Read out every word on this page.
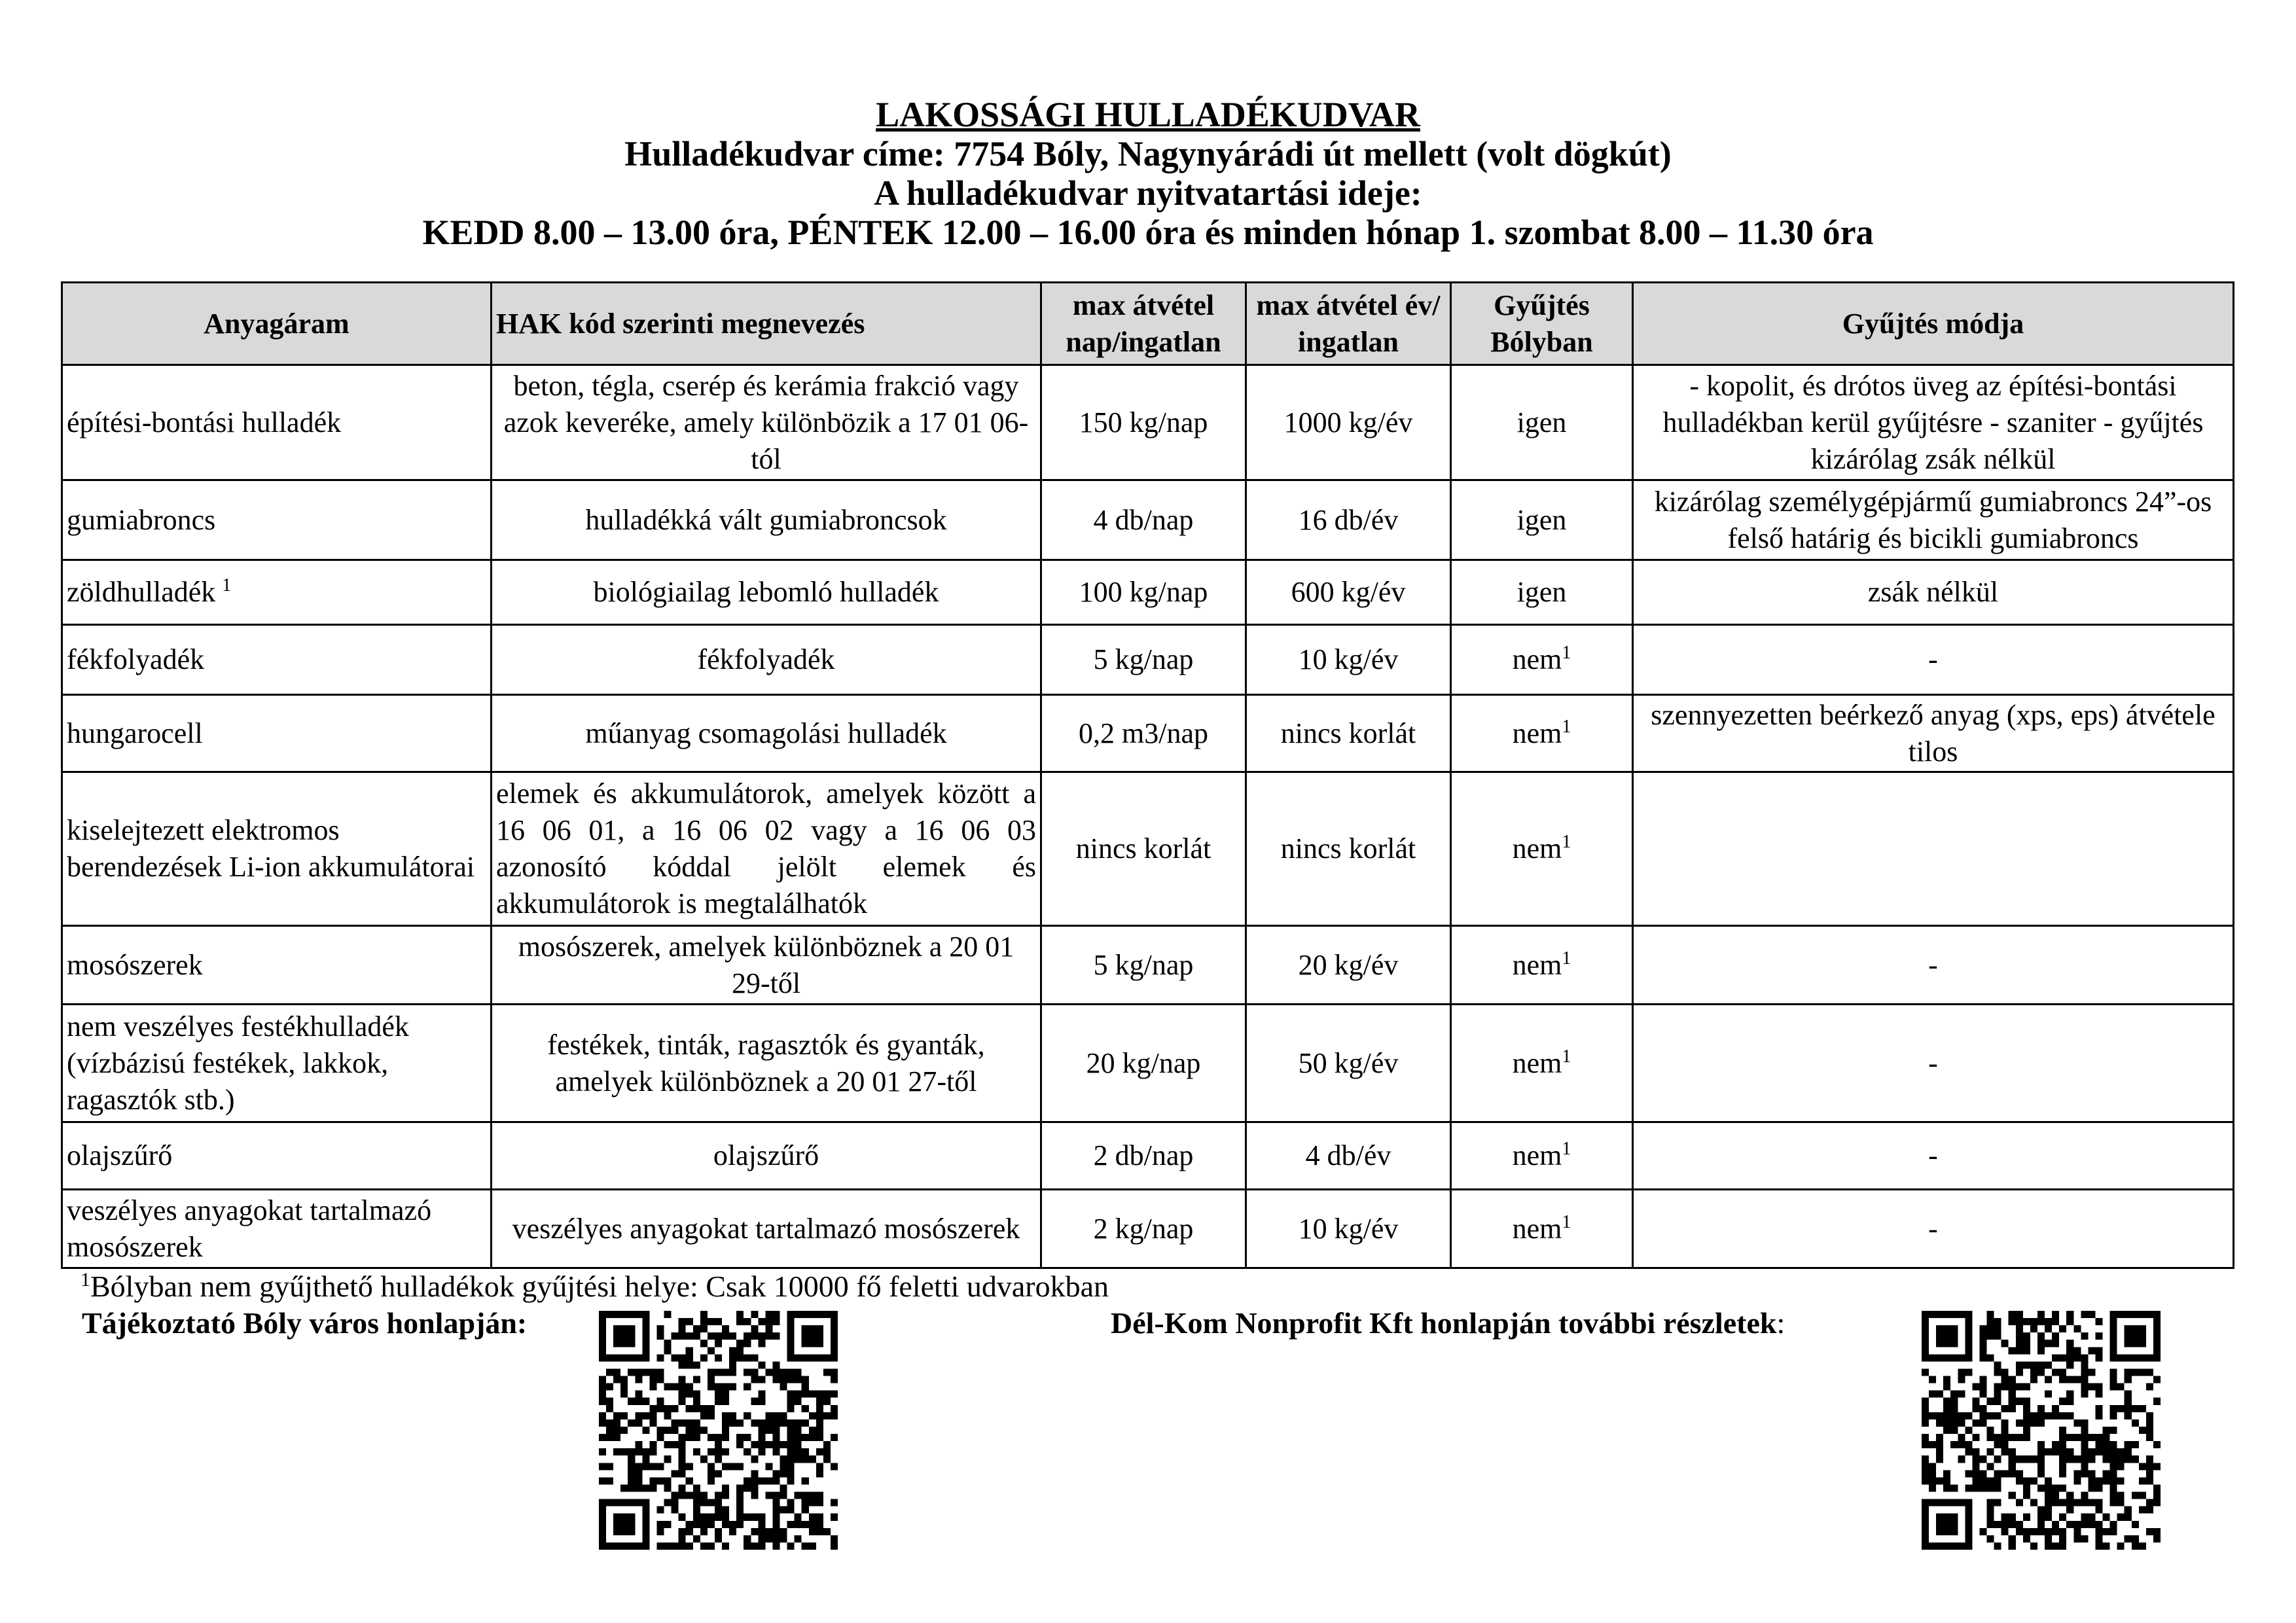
LAKOSSÁGI HULLADÉKUDVAR
Hulladékudvar címe: 7754 Bóly, Nagynyárádi út mellett (volt dögkút)
A hulladékudvar nyitvatartási ideje:
KEDD 8.00 – 13.00 óra, PÉNTEK 12.00 – 16.00 óra és minden hónap 1. szombat 8.00 – 11.30 óra
Anyagáram	HAK kód szerinti megnevezés	max átvétel nap/ingatlan	max átvétel év/ ingatlan	Gyűjtés Bólyban	Gyűjtés módja
építési-bontási hulladék	beton, tégla, cserép és kerámia frakció vagy azok keveréke, amely különbözik a 17 01 06-tól	150 kg/nap	1000 kg/év	igen	- kopolit, és drótos üveg az építési-bontási hulladékban kerül gyűjtésre - szaniter - gyűjtés kizárólag zsák nélkül
gumiabroncs	hulladékká vált gumiabroncsok	4 db/nap	16 db/év	igen	kizárólag személygépjármű gumiabroncs 24”-os felső határig és bicikli gumiabroncs
zöldhulladék $^1$	biológiailag lebomló hulladék	100 kg/nap	600 kg/év	igen	zsák nélkül
fékfolyadék	fékfolyadék	5 kg/nap	10 kg/év	nem$^1$	-
hungarocell	műanyag csomagolási hulladék	0,2 m3/nap	nincs korlát	nem$^1$	szennyezetten beérkező anyag (xps, eps) átvétele tilos
kiselejtezett elektromos berendezések Li-ion akkumulátorai	elemek és akkumulátorok, amelyek között a 16 06 01, a 16 06 02 vagy a 16 06 03 azonosító kóddal jelölt elemek és akkumulátorok is megtalálhatók	nincs korlát	nincs korlát	nem$^1$	
mosószerek	mosószerek, amelyek különböznek a 20 01 29-től	5 kg/nap	20 kg/év	nem$^1$	-
nem veszélyes festékhulladék (vízbázisú festékek, lakkok, ragasztók stb.)	festékek, tinták, ragasztók és gyanták, amelyek különböznek a 20 01 27-től	20 kg/nap	50 kg/év	nem$^1$	-
olajszűrő	olajszűrő	2 db/nap	4 db/év	nem$^1$	-
veszélyes anyagokat tartalmazó mosószerek	veszélyes anyagokat tartalmazó mosószerek	2 kg/nap	10 kg/év	nem$^1$	-
$^1$Bólyban nem gyűjthető hulladékok gyűjtési helye: Csak 10000 fő feletti udvarokban
Tájékoztató Bóly város honlapján:	Dél-Kom Nonprofit Kft honlapján további részletek:
